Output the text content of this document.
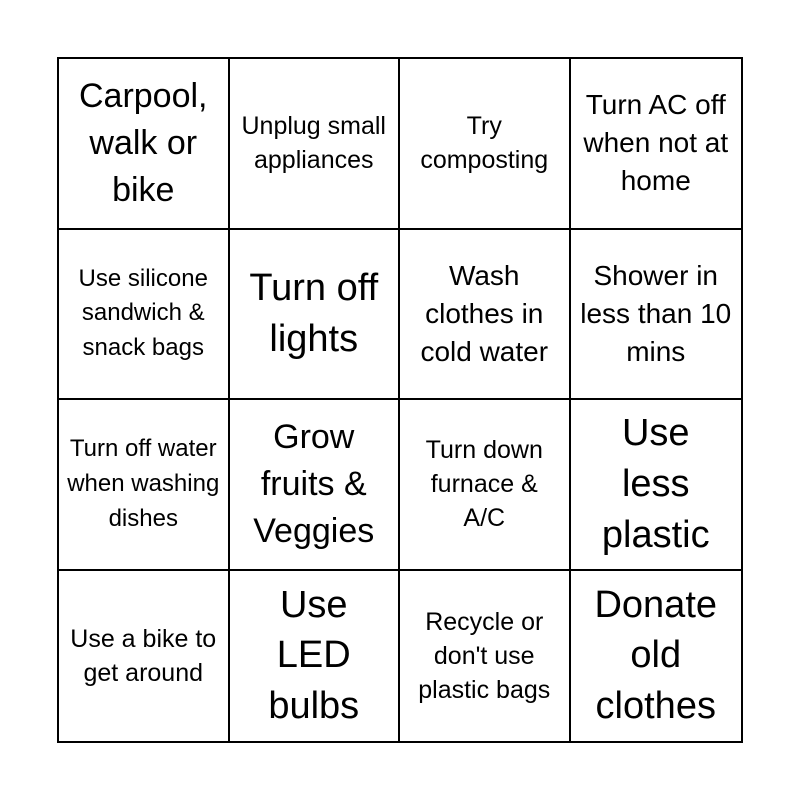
Carpool, walk or bike
Unplug small appliances
Try composting
Turn AC off when not at home
Use silicone sandwich & snack bags
Turn off lights
Wash clothes in cold water
Shower in less than 10 mins
Turn off water when washing dishes
Grow fruits & Veggies
Turn down furnace & A/C
Use less plastic
Use a bike to get around
Use LED bulbs
Recycle or don't use plastic bags
Donate old clothes
